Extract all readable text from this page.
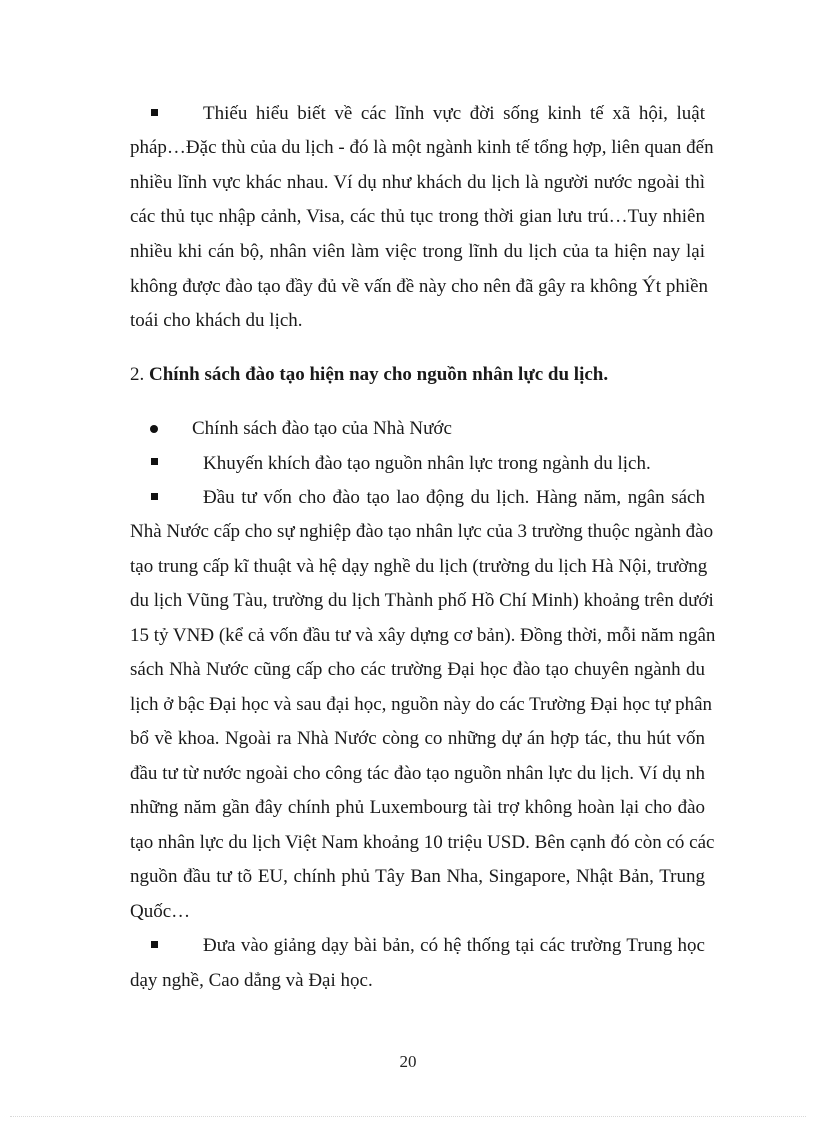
Thiếu hiểu biết về các lĩnh vực đời sống kinh tế xã hội, luật
pháp…Đặc thù của du lịch - đó là một ngành kinh tế tổng hợp, liên quan đến
nhiều lĩnh vực khác nhau. Ví dụ như khách du lịch là người nước ngoài thì
các thủ tục nhập cảnh, Visa, các thủ tục trong thời gian lưu trú…Tuy nhiên
nhiều khi cán bộ, nhân viên làm việc trong lĩnh du lịch của ta hiện nay lại
không được đào tạo đầy đủ về vấn đề này cho nên đã gây ra không Ýt phiền
toái cho khách du lịch.
2. Chính sách đào tạo hiện nay cho nguồn nhân lực du lịch.
Chính sách đào tạo của Nhà Nước
Khuyến khích đào tạo nguồn nhân lực trong ngành du lịch.
Đầu tư vốn cho đào tạo lao động du lịch. Hàng năm, ngân sách
Nhà Nước cấp cho sự nghiệp đào tạo nhân lực của 3 trường thuộc ngành đào
tạo trung cấp kĩ thuật và hệ dạy nghề du lịch (trường du lịch Hà Nội, trường
du lịch Vũng Tàu, trường du lịch Thành phố Hồ Chí Minh) khoảng trên dưới
15 tỷ VNĐ (kể cả vốn đầu tư và xây dựng cơ bản). Đồng thời, mỗi năm ngân
sách Nhà Nước cũng cấp cho các trường Đại học đào tạo chuyên ngành du
lịch ở bậc Đại học và sau đại học, nguồn này do các Trường Đại học tự phân
bổ về khoa. Ngoài ra Nhà Nước còng co những dự án hợp tác, thu hút vốn
đầu tư từ nước ngoài cho công tác đào tạo nguồn nhân lực du lịch. Ví dụ nh
những năm gần đây chính phủ Luxembourg tài trợ không hoàn lại cho đào
tạo nhân lực du lịch Việt Nam khoảng 10 triệu USD. Bên cạnh đó còn có các
nguồn đầu tư tõ EU, chính phủ Tây Ban Nha, Singapore, Nhật Bản, Trung
Quốc…
Đưa vào giảng dạy bài bản, có hệ thống tại các trường Trung học
dạy nghề, Cao dẳng và Đại học.
20
